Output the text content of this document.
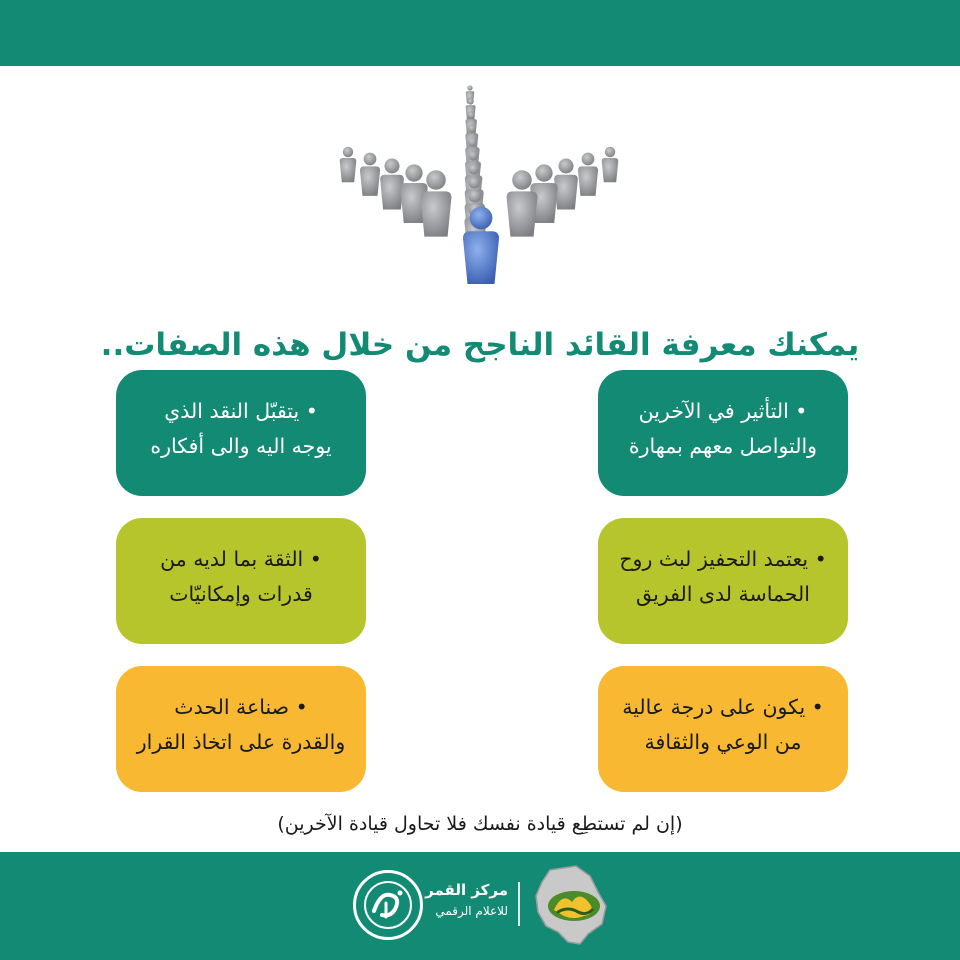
يمكنك معرفة القائد الناجح من خلال هذه الصفات..
• التأثير في الآخرين
والتواصل معهم بمهارة
• يتقبّل النقد الذي
يوجه اليه والى أفكاره
• يعتمد التحفيز لبث روح
الحماسة لدى الفريق
• الثقة بما لديه من
قدرات وإمكانيّات
• يكون على درجة عالية
من الوعي والثقافة
• صناعة الحدث
والقدرة على اتخاذ القرار
(إن لم تستطِع قيادة نفسك فلا تحاول قيادة الآخرين)
مركز القمر
للاعلام الرقمي
